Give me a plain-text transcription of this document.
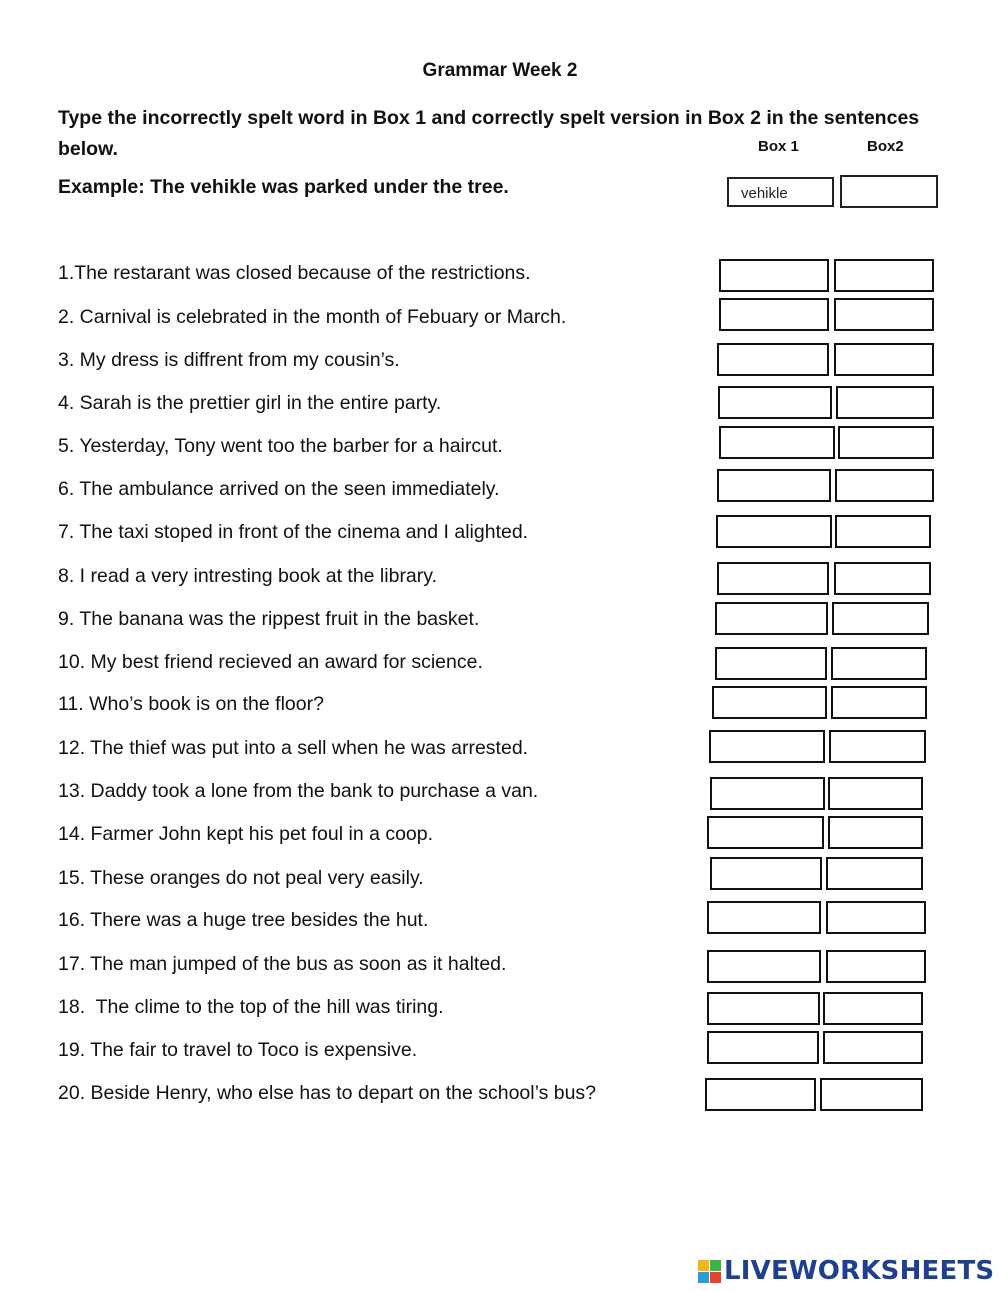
Grammar Week 2
Type the incorrectly spelt word in Box 1 and correctly spelt version in Box 2 in the sentences
below.	Box 1	Box2
Example: The vehikle was parked under the tree.	vehikle
1.The restarant was closed because of the restrictions.
2. Carnival is celebrated in the month of Febuary or March.
3. My dress is diffrent from my cousin’s.
4. Sarah is the prettier girl in the entire party.
5. Yesterday, Tony went too the barber for a haircut.
6. The ambulance arrived on the seen immediately.
7. The taxi stoped in front of the cinema and I alighted.
8. I read a very intresting book at the library.
9. The banana was the rippest fruit in the basket.
10. My best friend recieved an award for science.
11. Who’s book is on the floor?
12. The thief was put into a sell when he was arrested.
13. Daddy took a lone from the bank to purchase a van.
14. Farmer John kept his pet foul in a coop.
15. These oranges do not peal very easily.
16. There was a huge tree besides the hut.
17. The man jumped of the bus as soon as it halted.
18.  The clime to the top of the hill was tiring.
19. The fair to travel to Toco is expensive.
20. Beside Henry, who else has to depart on the school’s bus?
LIVEWORKSHEETS
